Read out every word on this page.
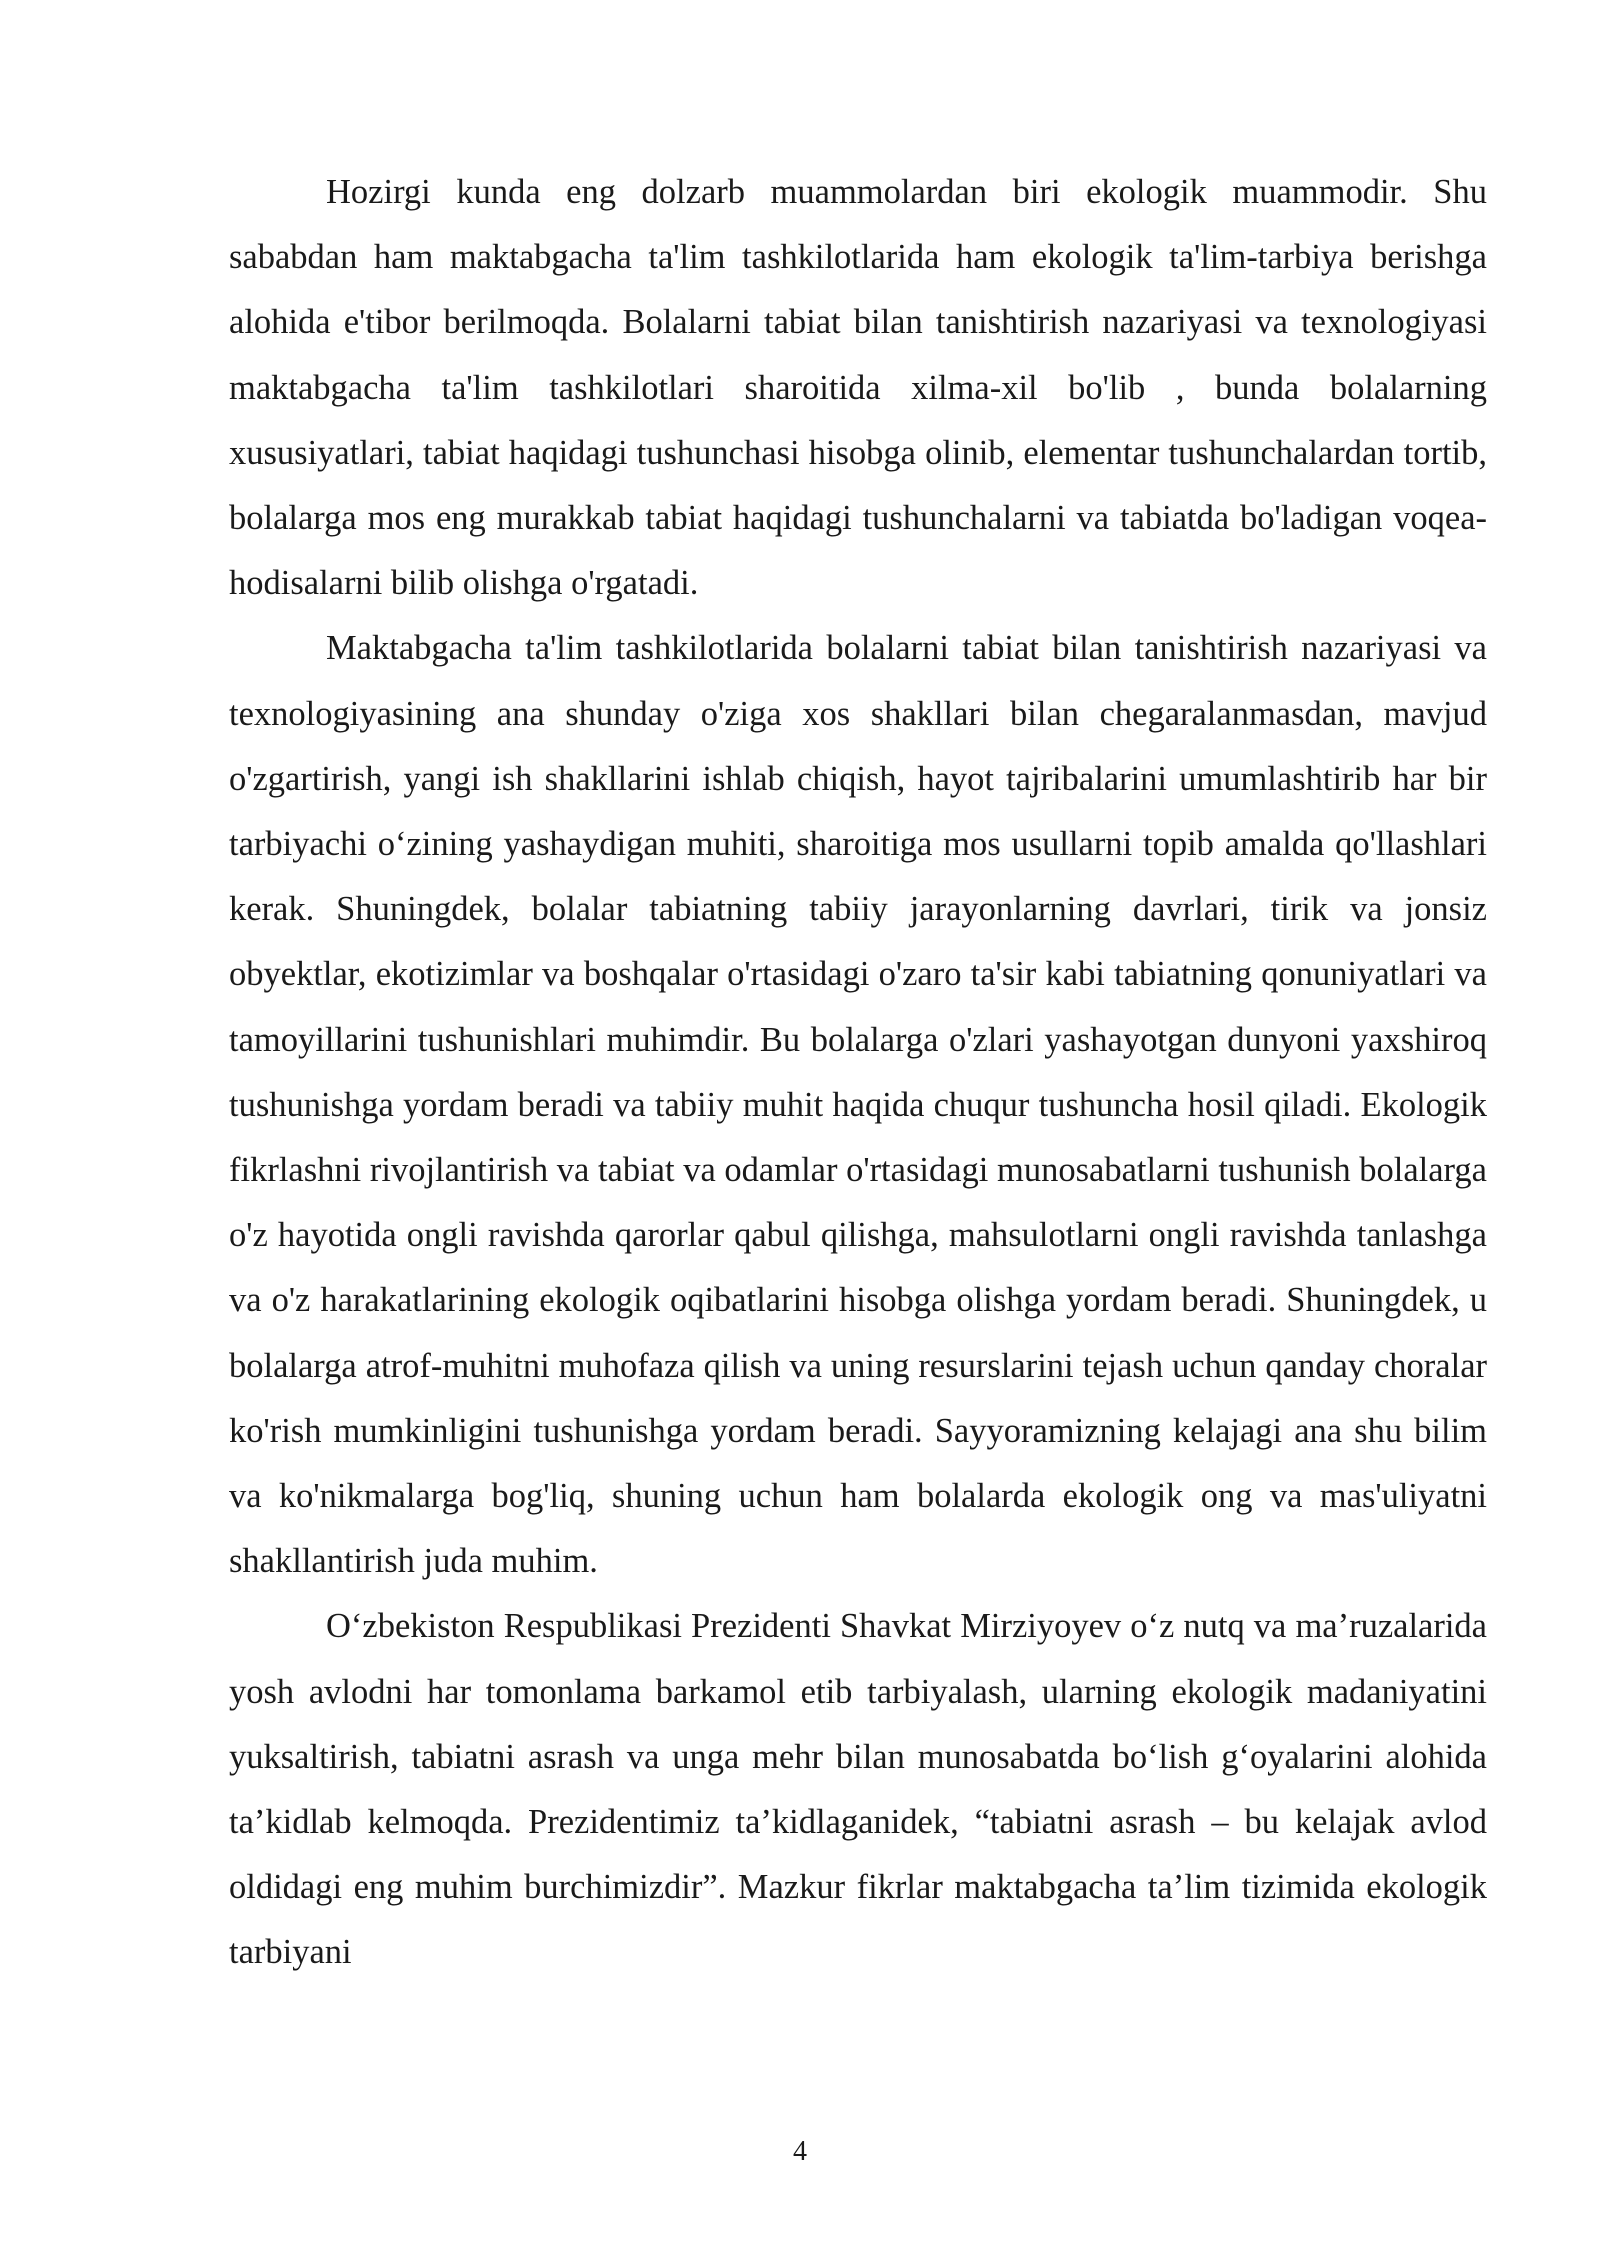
Hozirgi kunda eng dolzarb muammolardan biri ekologik muammodir. Shu sababdan ham maktabgacha ta'lim tashkilotlarida ham ekologik ta'lim-tarbiya berishga alohida e'tibor berilmoqda. Bolalarni tabiat bilan tanishtirish nazariyasi va texnologiyasi maktabgacha ta'lim tashkilotlari sharoitida xilma-xil bo'lib , bunda bolalarning xususiyatlari, tabiat haqidagi tushunchasi hisobga olinib, elementar tushunchalardan tortib, bolalarga mos eng murakkab tabiat haqidagi tushunchalarni va tabiatda bo'ladigan voqea-hodisalarni bilib olishga o'rgatadi.

Maktabgacha ta'lim tashkilotlarida bolalarni tabiat bilan tanishtirish nazariyasi va texnologiyasining ana shunday o'ziga xos shakllari bilan chegaralanmasdan, mavjud o'zgartirish, yangi ish shakllarini ishlab chiqish, hayot tajribalarini umumlashtirib har bir tarbiyachi o‘zining yashaydigan muhiti, sharoitiga mos usullarni topib amalda qo'llashlari kerak. Shuningdek, bolalar tabiatning tabiiy jarayonlarning davrlari, tirik va jonsiz obyektlar, ekotizimlar va boshqalar o'rtasidagi o'zaro ta'sir kabi tabiatning qonuniyatlari va tamoyillarini tushunishlari muhimdir. Bu bolalarga o'zlari yashayotgan dunyoni yaxshiroq tushunishga yordam beradi va tabiiy muhit haqida chuqur tushuncha hosil qiladi. Ekologik fikrlashni rivojlantirish va tabiat va odamlar o'rtasidagi munosabatlarni tushunish bolalarga o'z hayotida ongli ravishda qarorlar qabul qilishga, mahsulotlarni ongli ravishda tanlashga va o'z harakatlarining ekologik oqibatlarini hisobga olishga yordam beradi. Shuningdek, u bolalarga atrof-muhitni muhofaza qilish va uning resurslarini tejash uchun qanday choralar ko'rish mumkinligini tushunishga yordam beradi. Sayyoramizning kelajagi ana shu bilim va ko'nikmalarga bog'liq, shuning uchun ham bolalarda ekologik ong va mas'uliyatni shakllantirish juda muhim.

O‘zbekiston Respublikasi Prezidenti Shavkat Mirziyoyev o‘z nutq va ma’ruzalarida yosh avlodni har tomonlama barkamol etib tarbiyalash, ularning ekologik madaniyatini yuksaltirish, tabiatni asrash va unga mehr bilan munosabatda bo‘lish g‘oyalarini alohida ta’kidlab kelmoqda. Prezidentimiz ta’kidlaganidek, “tabiatni asrash – bu kelajak avlod oldidagi eng muhim burchimizdir”. Mazkur fikrlar maktabgacha ta’lim tizimida ekologik tarbiyani

4
